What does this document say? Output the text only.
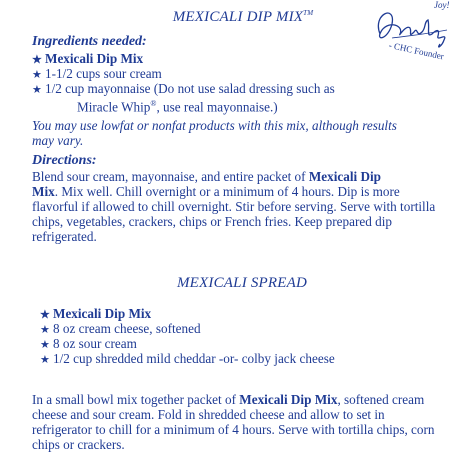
Joy!
- CHC Founder
MEXICALI DIP MIX™
Ingredients needed:
★ Mexicali Dip Mix
★ 1-1/2 cups sour cream
★ 1/2 cup mayonnaise (Do not use salad dressing such as
Miracle Whip®, use real mayonnaise.)
You may use lowfat or nonfat products with this mix, although results
may vary.
Directions:
Blend sour cream, mayonnaise, and entire packet of Mexicali Dip
Mix. Mix well. Chill overnight or a minimum of 4 hours. Dip is more flavorful if allowed to chill overnight. Stir before serving. Serve with tortilla chips, vegetables, crackers, chips or French fries. Keep prepared dip refrigerated.
MEXICALI SPREAD
★ Mexicali Dip Mix
★ 8 oz cream cheese, softened
★ 8 oz sour cream
★ 1/2 cup shredded mild cheddar -or- colby jack cheese
In a small bowl mix together packet of Mexicali Dip Mix, softened cream cheese and sour cream. Fold in shredded cheese and allow to set in refrigerator to chill for a minimum of 4 hours. Serve with tortilla chips, corn chips or crackers.
